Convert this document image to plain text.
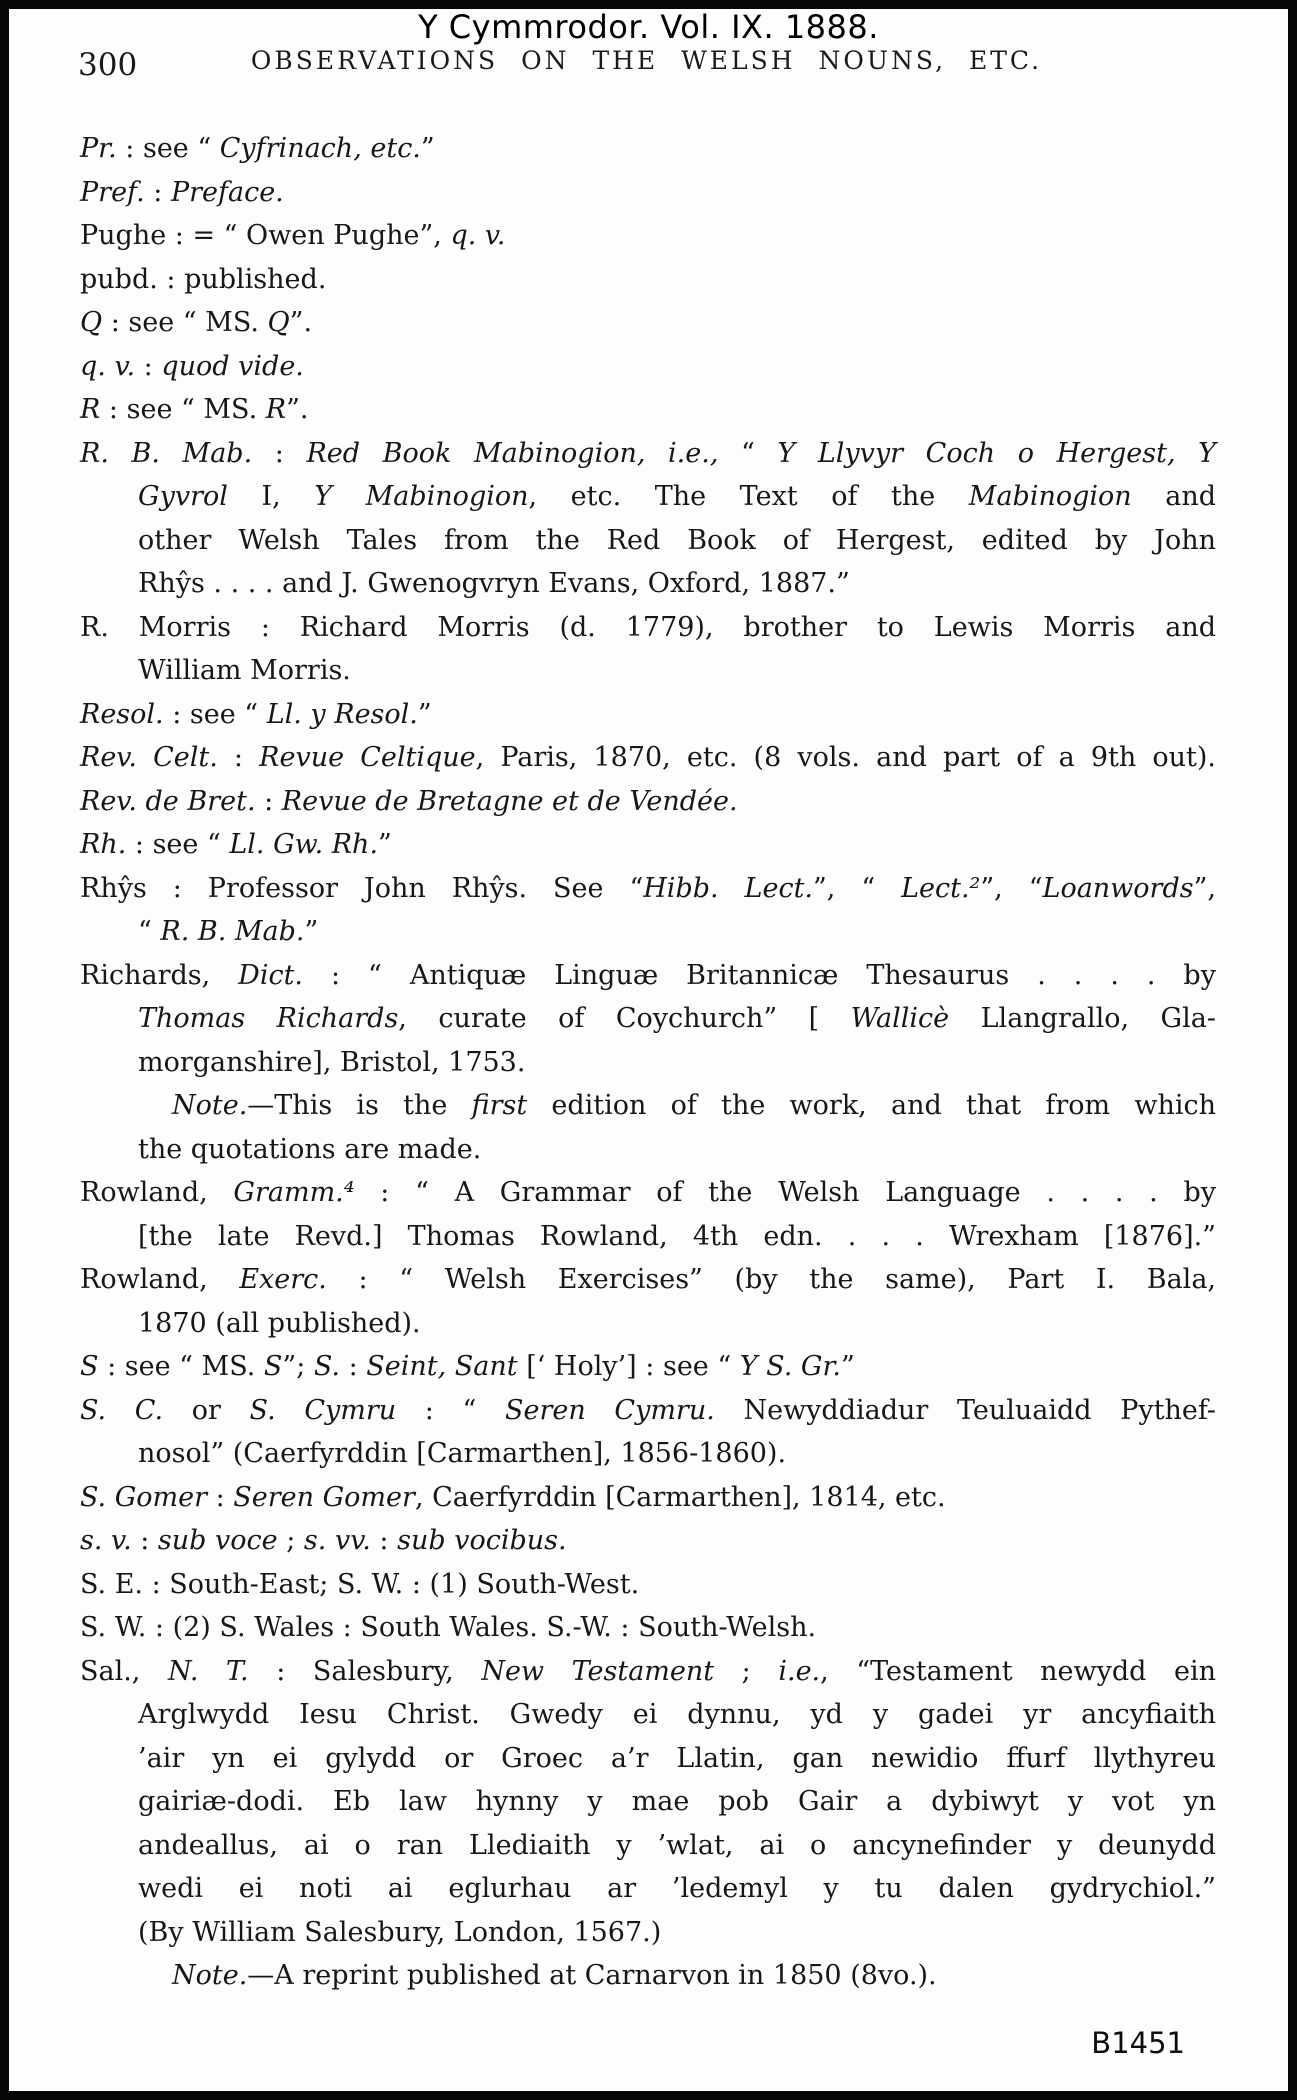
Y Cymmrodor. Vol. IX. 1888.
300	OBSERVATIONS ON THE WELSH NOUNS, ETC.
Pr. : see “ Cyfrinach, etc.”
Pref. : Preface.
Pughe : = “ Owen Pughe”, q. v.
pubd. : published.
Q : see “ MS. Q”.
q. v. : quod vide.
R : see “ MS. R”.
R. B. Mab. : Red Book Mabinogion, i.e., “ Y Llyvyr Coch o Hergest, Y
Gyvrol I, Y Mabinogion, etc. The Text of the Mabinogion and
other Welsh Tales from the Red Book of Hergest, edited by John
Rhŷs . . . . and J. Gwenogvryn Evans, Oxford, 1887.”
R. Morris : Richard Morris (d. 1779), brother to Lewis Morris and
William Morris.
Resol. : see “ Ll. y Resol.”
Rev. Celt. : Revue Celtique, Paris, 1870, etc. (8 vols. and part of a 9th out).
Rev. de Bret. : Revue de Bretagne et de Vendée.
Rh. : see “ Ll. Gw. Rh.”
Rhŷs : Professor John Rhŷs. See “Hibb. Lect.”, “ Lect.²”, “Loanwords”,
“ R. B. Mab.”
Richards, Dict. : “ Antiquæ Linguæ Britannicæ Thesaurus . . . . by
Thomas Richards, curate of Coychurch” [ Wallicè Llangrallo, Gla-
morganshire], Bristol, 1753.
Note.—This is the first edition of the work, and that from which
the quotations are made.
Rowland, Gramm.⁴ : “ A Grammar of the Welsh Language . . . . by
[the late Revd.] Thomas Rowland, 4th edn. . . . Wrexham [1876].”
Rowland, Exerc. : “ Welsh Exercises” (by the same), Part I. Bala,
1870 (all published).
S : see “ MS. S”; S. : Seint, Sant [‘ Holy’] : see “ Y S. Gr.”
S. C. or S. Cymru : “ Seren Cymru. Newyddiadur Teuluaidd Pythef-
nosol” (Caerfyrddin [Carmarthen], 1856-1860).
S. Gomer : Seren Gomer, Caerfyrddin [Carmarthen], 1814, etc.
s. v. : sub voce ; s. vv. : sub vocibus.
S. E. : South-East; S. W. : (1) South-West.
S. W. : (2) S. Wales : South Wales. S.-W. : South-Welsh.
Sal., N. T. : Salesbury, New Testament ; i.e., “Testament newydd ein
Arglwydd Iesu Christ. Gwedy ei dynnu, yd y gadei yr ancyfiaith
’air yn ei gylydd or Groec a’r Llatin, gan newidio ffurf llythyreu
gairiæ-dodi. Eb law hynny y mae pob Gair a dybiwyt y vot yn
andeallus, ai o ran Llediaith y ’wlat, ai o ancynefinder y deunydd
wedi ei noti ai eglurhau ar ’ledemyl y tu dalen gydrychiol.”
(By William Salesbury, London, 1567.)
Note.—A reprint published at Carnarvon in 1850 (8vo.).
B1451
